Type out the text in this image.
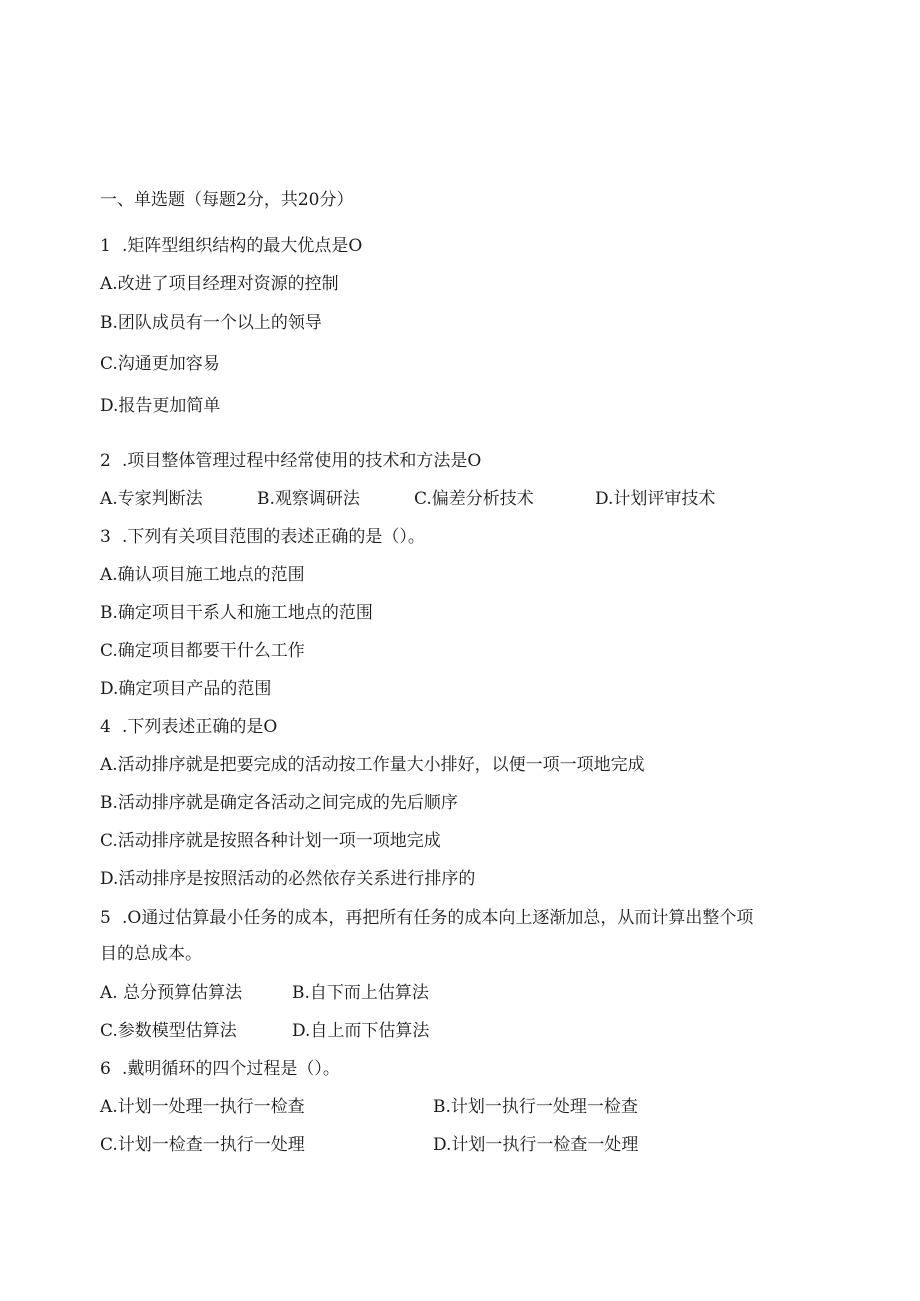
一、单选题（每题2分，共20分）
1 .矩阵型组织结构的最大优点是O
A.改进了项目经理对资源的控制
B.团队成员有一个以上的领导
C.沟通更加容易
D.报告更加简单
2 .项目整体管理过程中经常使用的技术和方法是O
A.专家判断法	B.观察调研法	C.偏差分析技术	D.计划评审技术
3 .下列有关项目范围的表述正确的是（）。
A.确认项目施工地点的范围
B.确定项目干系人和施工地点的范围
C.确定项目都要干什么工作
D.确定项目产品的范围
4 .下列表述正确的是O
A.活动排序就是把要完成的活动按工作量大小排好，以便一项一项地完成
B.活动排序就是确定各活动之间完成的先后顺序
C.活动排序就是按照各种计划一项一项地完成
D.活动排序是按照活动的必然依存关系进行排序的
5 .O通过估算最小任务的成本，再把所有任务的成本向上逐渐加总，从而计算出整个项
目的总成本。
A. 总分预算估算法	B.自下而上估算法
C.参数模型估算法	D.自上而下估算法
6 .戴明循环的四个过程是（）。
A.计划一处理一执行一检查	B.计划一执行一处理一检查
C.计划一检查一执行一处理	D.计划一执行一检查一处理
